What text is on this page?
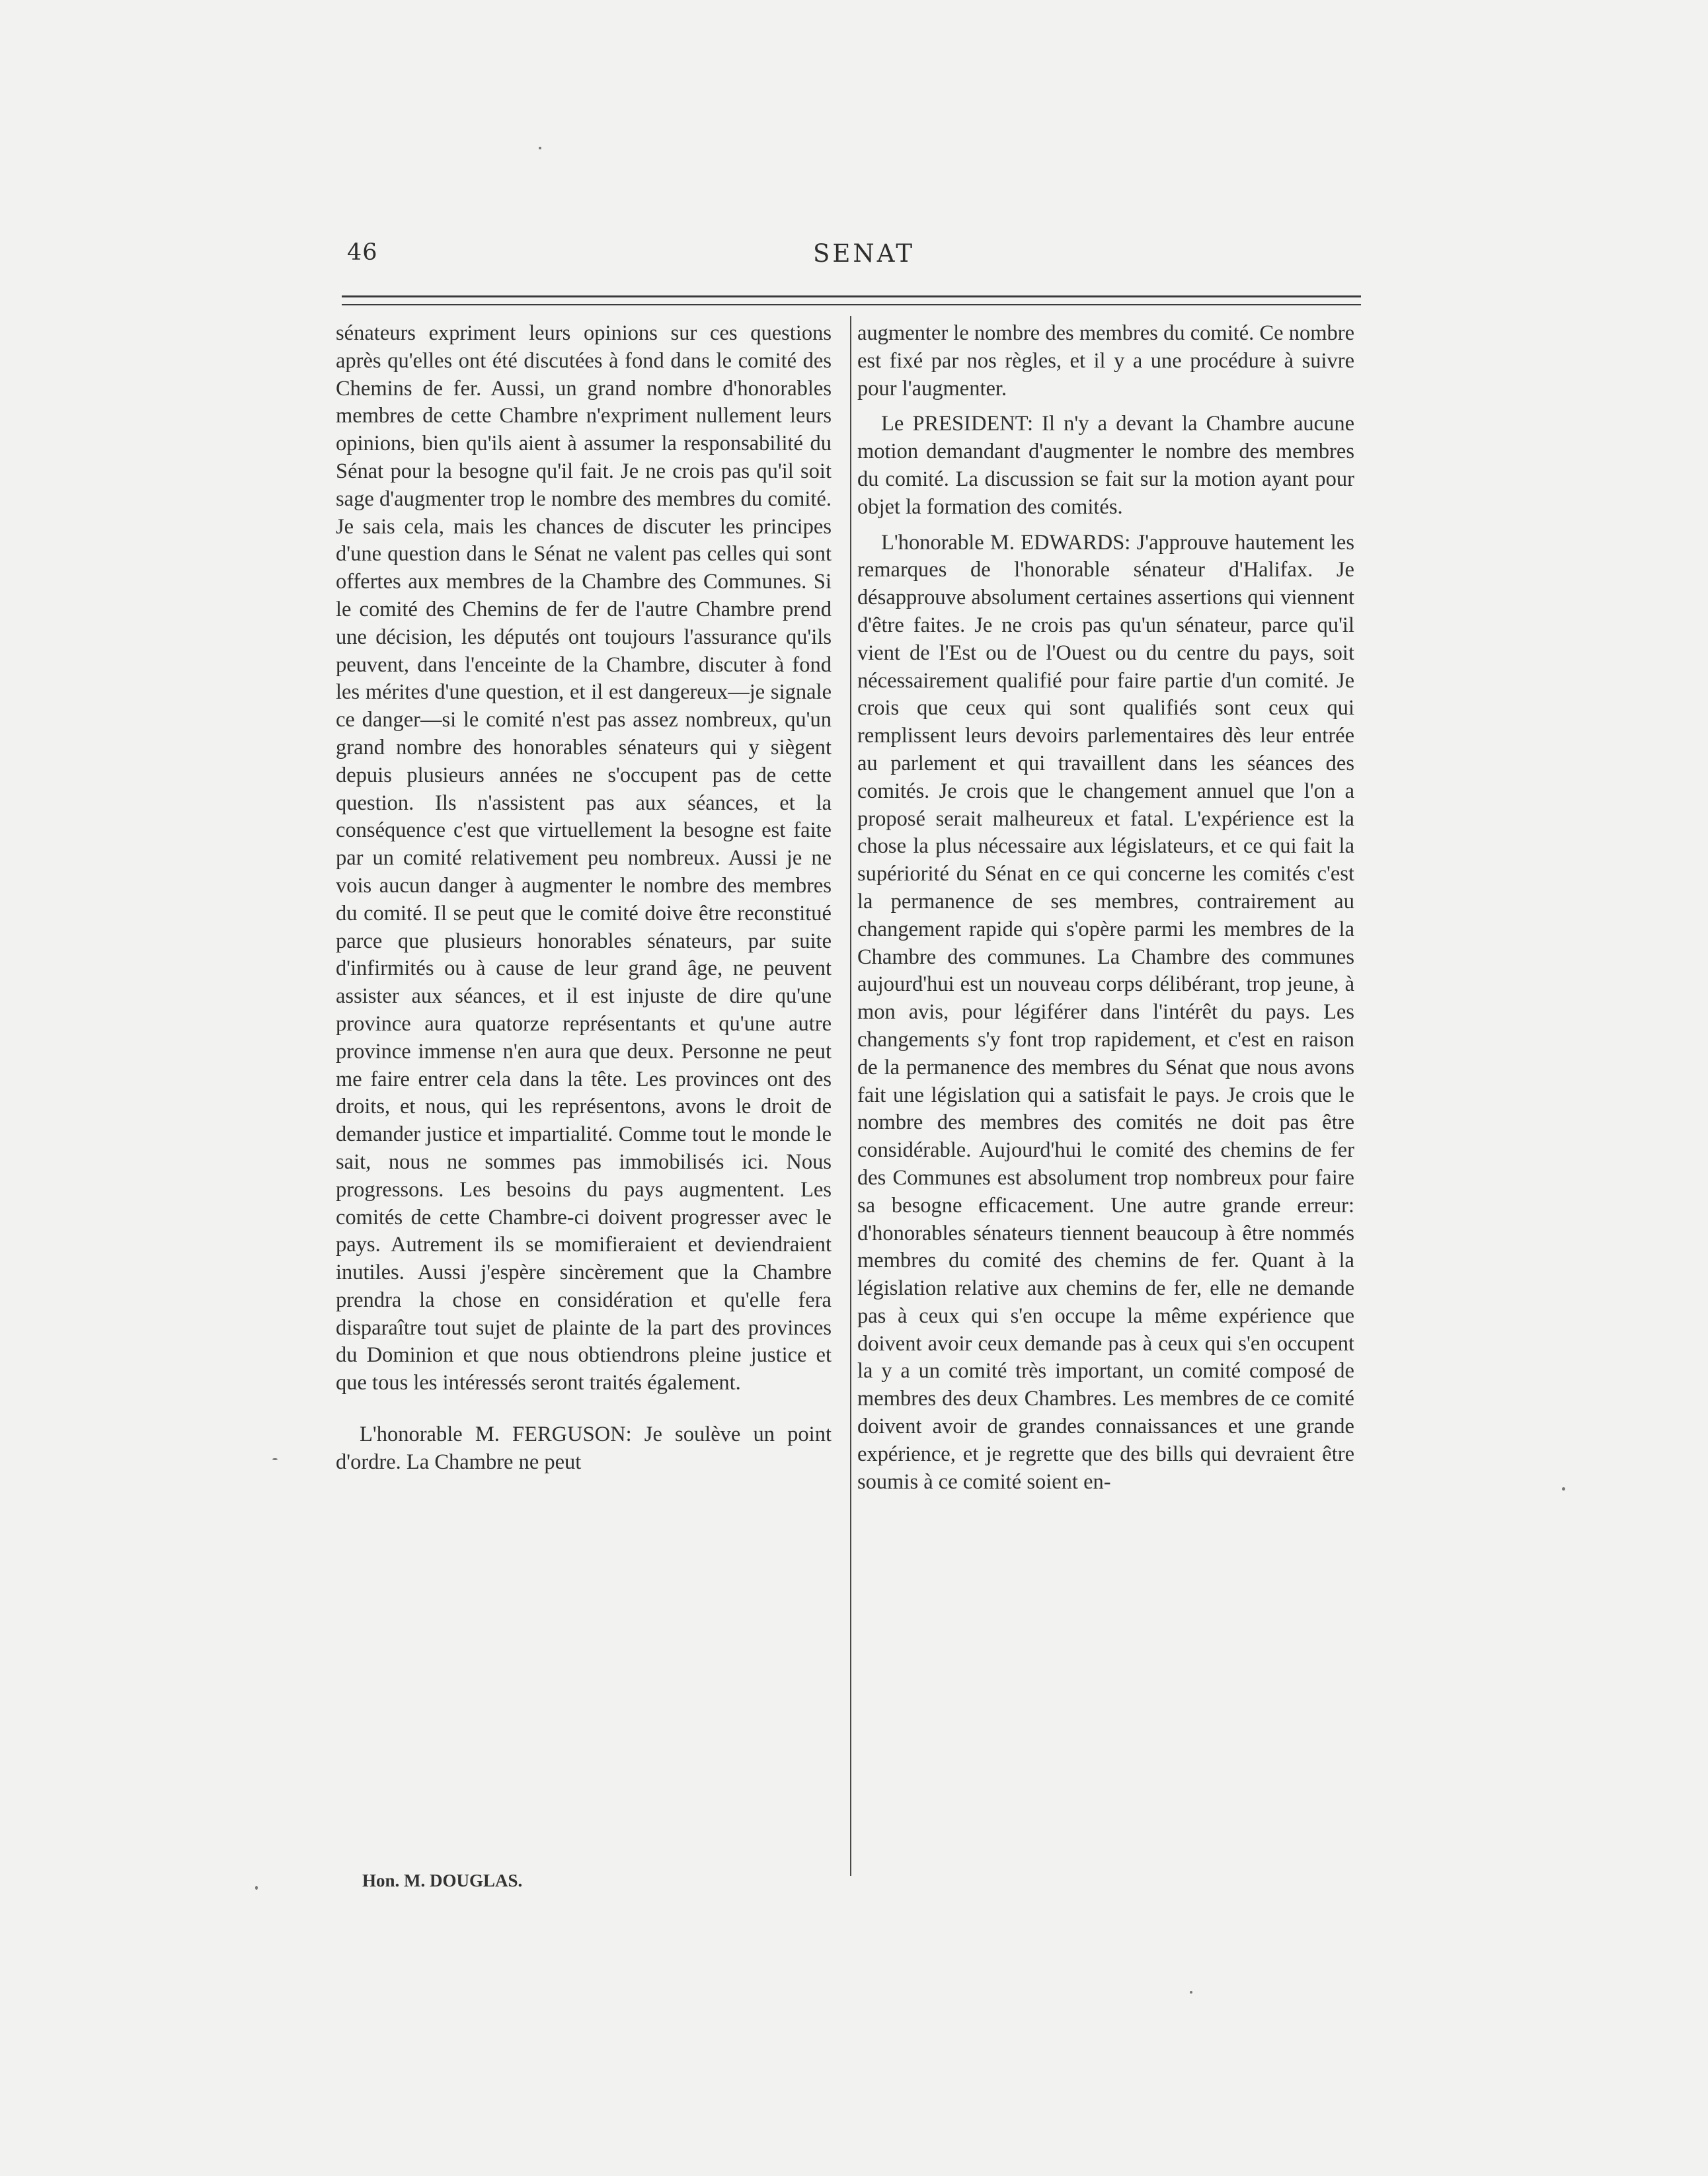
46	SENAT

sénateurs expriment leurs opinions sur ces questions après qu'elles ont été discutées à fond dans le comité des Chemins de fer. Aussi, un grand nombre d'honorables membres de cette Chambre n'expriment nullement leurs opinions, bien qu'ils aient à assumer la responsabilité du Sénat pour la besogne qu'il fait. Je ne crois pas qu'il soit sage d'augmenter trop le nombre des membres du comité. Je sais cela, mais les chances de discuter les principes d'une question dans le Sénat ne valent pas celles qui sont offertes aux membres de la Chambre des Communes. Si le comité des Chemins de fer de l'autre Chambre prend une décision, les députés ont toujours l'assurance qu'ils peuvent, dans l'enceinte de la Chambre, discuter à fond les mérites d'une question, et il est dangereux—je signale ce danger—si le comité n'est pas assez nombreux, qu'un grand nombre des honorables sénateurs qui y siègent depuis plusieurs années ne s'occupent pas de cette question. Ils n'assistent pas aux séances, et la conséquence c'est que virtuellement la besogne est faite par un comité relativement peu nombreux. Aussi je ne vois aucun danger à augmenter le nombre des membres du comité. Il se peut que le comité doive être reconstitué parce que plusieurs honorables sénateurs, par suite d'infirmités ou à cause de leur grand âge, ne peuvent assister aux séances, et il est injuste de dire qu'une province aura quatorze représentants et qu'une autre province immense n'en aura que deux. Personne ne peut me faire entrer cela dans la tête. Les provinces ont des droits, et nous, qui les représentons, avons le droit de demander justice et impartialité. Comme tout le monde le sait, nous ne sommes pas immobilisés ici. Nous progressons. Les besoins du pays augmentent. Les comités de cette Chambre-ci doivent progresser avec le pays. Autrement ils se momifieraient et deviendraient inutiles. Aussi j'espère sincèrement que la Chambre prendra la chose en considération et qu'elle fera disparaître tout sujet de plainte de la part des provinces du Dominion et que nous obtiendrons pleine justice et que tous les intéressés seront traités également.

L'honorable M. FERGUSON: Je soulève un point d'ordre. La Chambre ne peut

augmenter le nombre des membres du comité. Ce nombre est fixé par nos règles, et il y a une procédure à suivre pour l'augmenter.

Le PRESIDENT: Il n'y a devant la Chambre aucune motion demandant d'augmenter le nombre des membres du comité. La discussion se fait sur la motion ayant pour objet la formation des comités.

L'honorable M. EDWARDS: J'approuve hautement les remarques de l'honorable sénateur d'Halifax. Je désapprouve absolument certaines assertions qui viennent d'être faites. Je ne crois pas qu'un sénateur, parce qu'il vient de l'Est ou de l'Ouest ou du centre du pays, soit nécessairement qualifié pour faire partie d'un comité. Je crois que ceux qui sont qualifiés sont ceux qui remplissent leurs devoirs parlementaires dès leur entrée au parlement et qui travaillent dans les séances des comités. Je crois que le changement annuel que l'on a proposé serait malheureux et fatal. L'expérience est la chose la plus nécessaire aux législateurs, et ce qui fait la supériorité du Sénat en ce qui concerne les comités c'est la permanence de ses membres, contrairement au changement rapide qui s'opère parmi les membres de la Chambre des communes. La Chambre des communes aujourd'hui est un nouveau corps délibérant, trop jeune, à mon avis, pour légiférer dans l'intérêt du pays. Les changements s'y font trop rapidement, et c'est en raison de la permanence des membres du Sénat que nous avons fait une législation qui a satisfait le pays. Je crois que le nombre des membres des comités ne doit pas être considérable. Aujourd'hui le comité des chemins de fer des Communes est absolument trop nombreux pour faire sa besogne efficacement. Une autre grande erreur: d'honorables sénateurs tiennent beaucoup à être nommés membres du comité des chemins de fer. Quant à la législation relative aux chemins de fer, elle ne demande pas à ceux qui s'en occupe la même expérience que doivent avoir ceux demande pas à ceux qui s'en occupent la y a un comité très important, un comité composé de membres des deux Chambres. Les membres de ce comité doivent avoir de grandes connaissances et une grande expérience, et je regrette que des bills qui devraient être soumis à ce comité soient en-

Hon. M. DOUGLAS.
